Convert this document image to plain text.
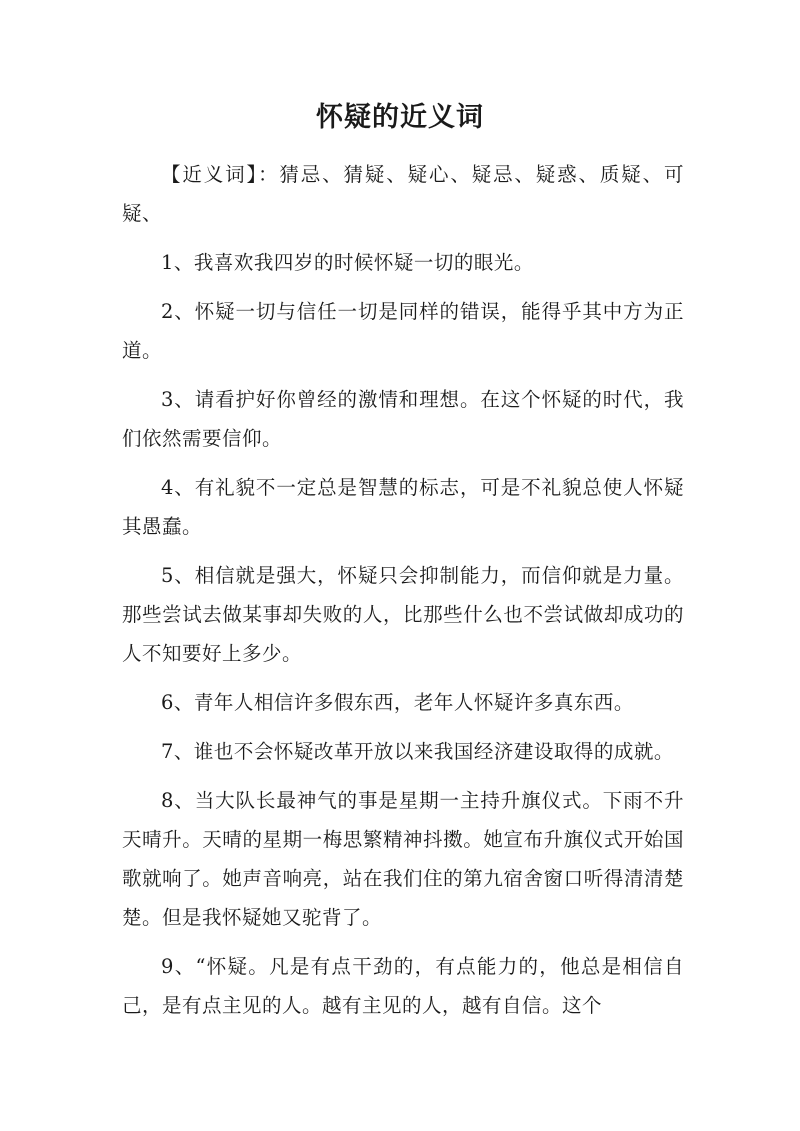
怀疑的近义词

【近义词】：猜忌、猜疑、疑心、疑忌、疑惑、质疑、可疑、

1、我喜欢我四岁的时候怀疑一切的眼光。

2、怀疑一切与信任一切是同样的错误，能得乎其中方为正道。

3、请看护好你曾经的激情和理想。在这个怀疑的时代，我们依然需要信仰。

4、有礼貌不一定总是智慧的标志，可是不礼貌总使人怀疑其愚蠢。

5、相信就是强大，怀疑只会抑制能力，而信仰就是力量。那些尝试去做某事却失败的人，比那些什么也不尝试做却成功的人不知要好上多少。

6、青年人相信许多假东西，老年人怀疑许多真东西。

7、谁也不会怀疑改革开放以来我国经济建设取得的成就。

8、当大队长最神气的事是星期一主持升旗仪式。下雨不升天晴升。天晴的星期一梅思繁精神抖擞。她宣布升旗仪式开始国歌就响了。她声音响亮，站在我们住的第九宿舍窗口听得清清楚楚。但是我怀疑她又驼背了。

9、“怀疑。凡是有点干劲的，有点能力的，他总是相信自己，是有点主见的人。越有主见的人，越有自信。这个
